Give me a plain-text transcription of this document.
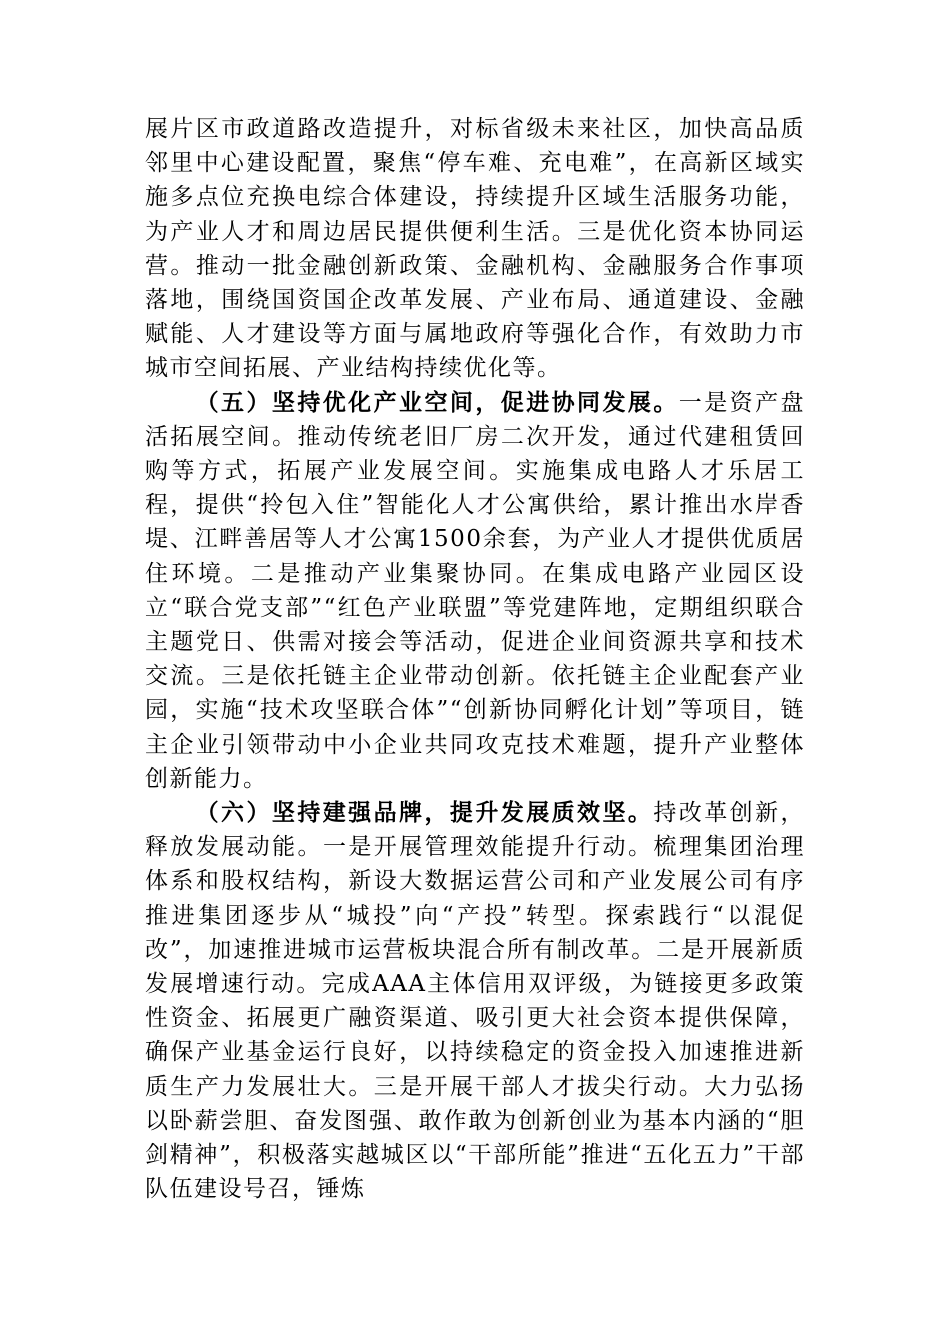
展片区市政道路改造提升，对标省级未来社区，加快高品质邻里中心建设配置，聚焦“停车难、充电难”，在高新区域实施多点位充换电综合体建设，持续提升区域生活服务功能，为产业人才和周边居民提供便利生活。三是优化资本协同运营。推动一批金融创新政策、金融机构、金融服务合作事项落地，围绕国资国企改革发展、产业布局、通道建设、金融赋能、人才建设等方面与属地政府等强化合作，有效助力市城市空间拓展、产业结构持续优化等。

（五）坚持优化产业空间，促进协同发展。一是资产盘活拓展空间。推动传统老旧厂房二次开发，通过代建租赁回购等方式，拓展产业发展空间。实施集成电路人才乐居工程，提供“拎包入住”智能化人才公寓供给，累计推出水岸香堤、江畔善居等人才公寓1500余套，为产业人才提供优质居住环境。二是推动产业集聚协同。在集成电路产业园区设立“联合党支部”“红色产业联盟”等党建阵地，定期组织联合主题党日、供需对接会等活动，促进企业间资源共享和技术交流。三是依托链主企业带动创新。依托链主企业配套产业园，实施“技术攻坚联合体”“创新协同孵化计划”等项目，链主企业引领带动中小企业共同攻克技术难题，提升产业整体创新能力。

（六）坚持建强品牌，提升发展质效坚。持改革创新，释放发展动能。一是开展管理效能提升行动。梳理集团治理体系和股权结构，新设大数据运营公司和产业发展公司有序推进集团逐步从“城投”向“产投”转型。探索践行“以混促改”，加速推进城市运营板块混合所有制改革。二是开展新质发展增速行动。完成AAA主体信用双评级，为链接更多政策性资金、拓展更广融资渠道、吸引更大社会资本提供保障，确保产业基金运行良好，以持续稳定的资金投入加速推进新质生产力发展壮大。三是开展干部人才拔尖行动。大力弘扬以卧薪尝胆、奋发图强、敢作敢为创新创业为基本内涵的“胆剑精神”，积极落实越城区以“干部所能”推进“五化五力”干部队伍建设号召，锤炼
